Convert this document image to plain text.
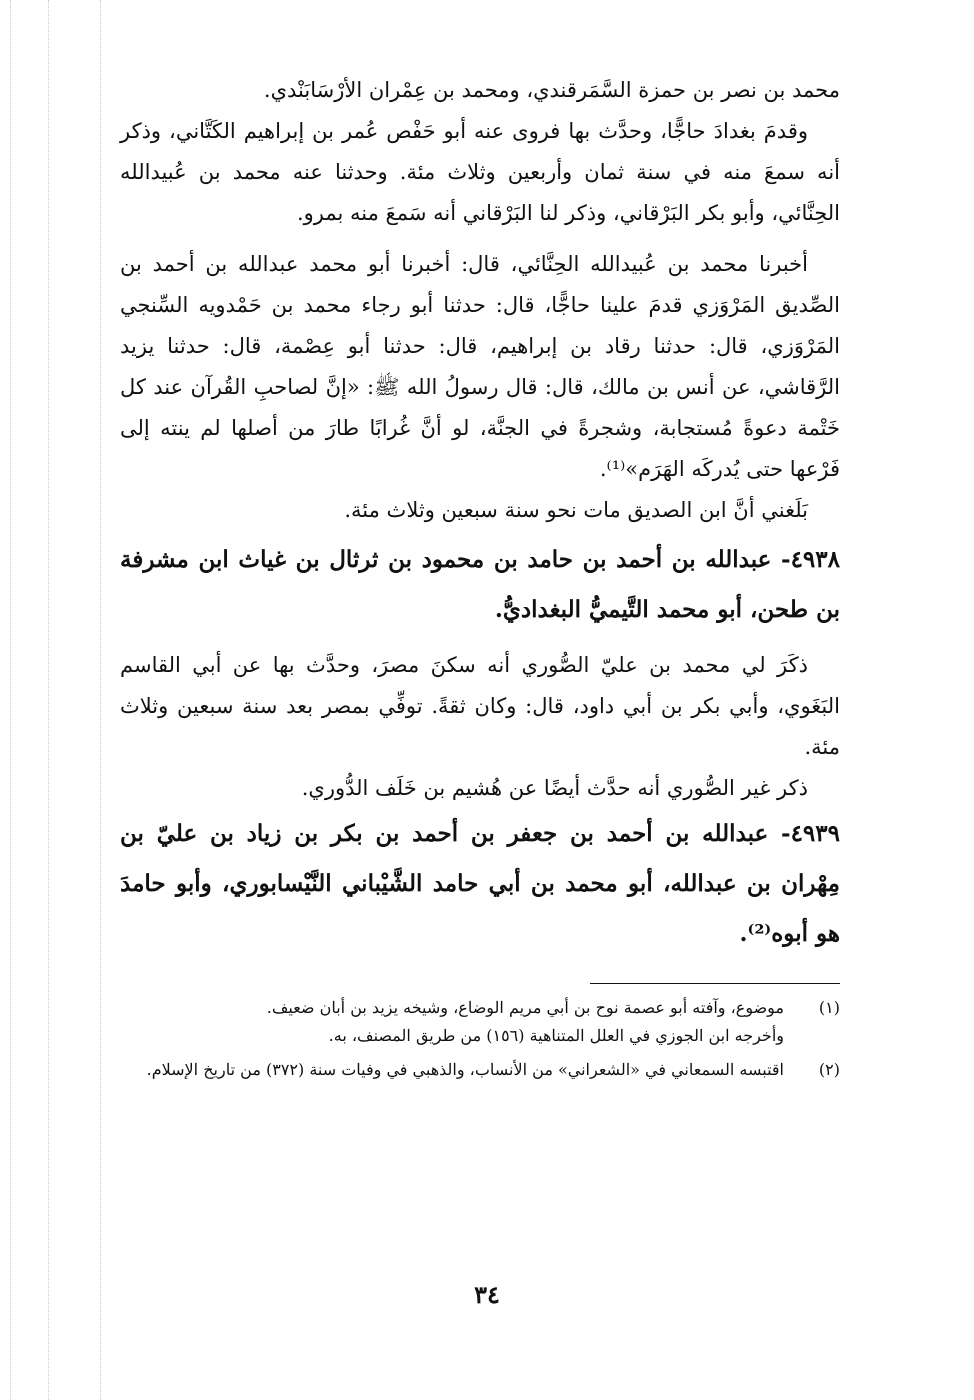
محمد بن نصر بن حمزة السَّمَرقندي، ومحمد بن عِمْران الأرْسَابَنْدي.

وقدمَ بغدادَ حاجًّا، وحدَّث بها فروى عنه أبو حَفْص عُمر بن إبراهيم الكَتَّاني، وذكر أنه سمعَ منه في سنة ثمان وأربعين وثلاث مئة. وحدثنا عنه محمد بن عُبيدالله الحِنَّائي، وأبو بكر البَرْقاني، وذكر لنا البَرْقاني أنه سَمعَ منه بمرو.

أخبرنا محمد بن عُبيدالله الحِنَّائي، قال: أخبرنا أبو محمد عبدالله بن أحمد بن الصِّديق المَرْوَزي قدمَ علينا حاجًّا، قال: حدثنا أبو رجاء محمد بن حَمْدويه السِّنجي المَرْوَزي، قال: حدثنا رقاد بن إبراهيم، قال: حدثنا أبو عِصْمة، قال: حدثنا يزيد الرَّقاشي، عن أنس بن مالك، قال: قال رسولُ الله ﷺ: «إنَّ لصاحبِ القُرآن عند كل خَتْمة دعوةً مُستجابة، وشجرةً في الجنَّة، لو أنَّ غُرابًا طارَ من أصلها لم ينته إلى فَرْعها حتى يُدركَه الهَرَم»⁽¹⁾.

بَلَغني أنَّ ابن الصديق مات نحو سنة سبعين وثلاث مئة.

٤٩٣٨- عبدالله بن أحمد بن حامد بن محمود بن ثرثال بن غياث ابن مشرفة بن طحن، أبو محمد التَّيميُّ البغداديُّ.

ذكَرَ لي محمد بن عليّ الصُّوري أنه سكنَ مصرَ، وحدَّث بها عن أبي القاسم البَغَوي، وأبي بكر بن أبي داود، قال: وكان ثقةً. توفِّي بمصر بعد سنة سبعين وثلاث مئة.

ذكر غير الصُّوري أنه حدَّث أيضًا عن هُشيم بن خَلَف الدُّوري.

٤٩٣٩- عبدالله بن أحمد بن جعفر بن أحمد بن بكر بن زياد بن عليّ بن مِهْران بن عبدالله، أبو محمد بن أبي حامد الشَّيْباني النَّيْسابوري، وأبو حامدَ هو أبوه⁽²⁾.

(١)
موضوع، وآفته أبو عصمة نوح بن أبي مريم الوضاع، وشيخه يزيد بن أبان ضعيف.
وأخرجه ابن الجوزي في العلل المتناهية (١٥٦) من طريق المصنف، به.
(٢)
اقتبسه السمعاني في «الشعراني» من الأنساب، والذهبي في وفيات سنة (٣٧٢) من تاريخ الإسلام.
٣٤
